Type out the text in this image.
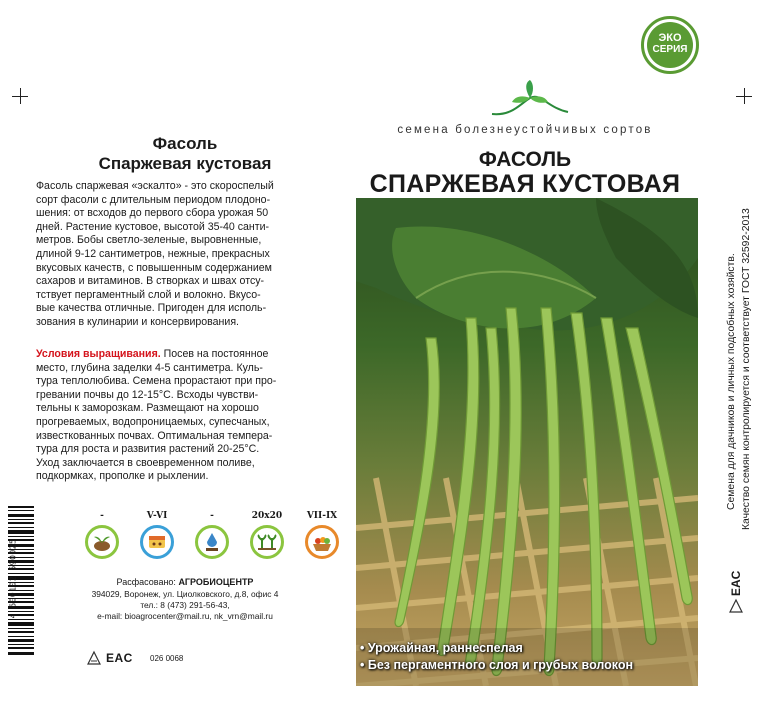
Фасоль
Спаржевая кустовая
Фасоль спаржевая «эскалто» - это скороспелый
сорт фасоли с длительным периодом плодоно-
шения: от всходов до первого сбора урожая 50
дней. Растение кустовое, высотой 35-40 санти-
метров. Бобы светло-зеленые, выровненные,
длиной 9-12 сантиметров, нежные, прекрасных
вкусовых качеств, с повышенным содержанием
сахаров и витаминов. В створках и швах отсу-
тствует пергаментный слой и волокно. Вкусо-
вые качества отличные. Пригоден для исполь-
зования в кулинарии и консервирования.
Условия выращивания. Посев на постоянное
место, глубина заделки 4-5 сантиметра. Куль-
тура теплолюбива. Семена прорастают при про-
гревании почвы до 12-15°С. Всходы чувстви-
тельны к заморозкам. Размещают на хорошо
прогреваемых, водопроницаемых, супесчаных,
известкованных почвах. Оптимальная темпера-
тура для роста и развития растений 20-25°С.
Уход заключается в своевременном поливе,
подкормках, прополке и рыхлении.
4 600102 590025
-	V-VI	-	20x20	VII-IX
Расфасовано: АГРОБИОЦЕНТР
394029, Воронеж, ул. Циолковского, д.8, офис 4
тел.: 8 (473) 291-56-43,
e-mail: bioagrocenter@mail.ru, nk_vrn@mail.ru
EAC 026 0068
семена болезнеустойчивых сортов
ФАСОЛЬ
СПАРЖЕВАЯ КУСТОВАЯ
ЭКО
СЕРИЯ
• Урожайная, раннеспелая
• Без пергаментного слоя и грубых волокон
Семена для дачников и личных подсобных хозяйств. Качество семян контролируется и соответствует ГОСТ 32592-2013
EAC
